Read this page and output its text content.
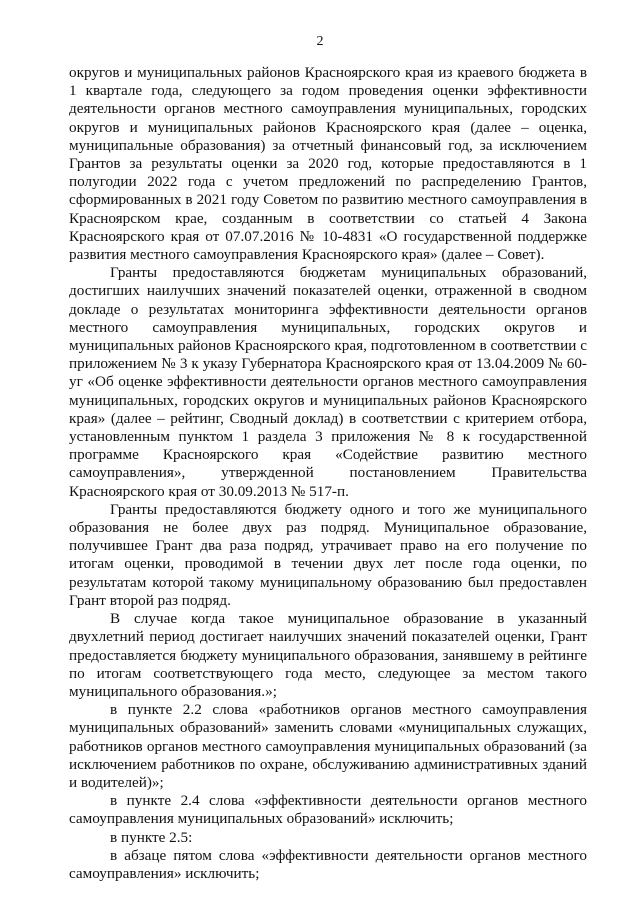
2

округов и муниципальных районов Красноярского края из краевого бюджета в 1 квартале года, следующего за годом проведения оценки эффективности деятельности органов местного самоуправления муниципальных, городских округов и муниципальных районов Красноярского края (далее – оценка, муниципальные образования) за отчетный финансовый год, за исключением Грантов за результаты оценки за 2020 год, которые предоставляются в 1 полугодии 2022 года с учетом предложений по распределению Грантов, сформированных в 2021 году Советом по развитию местного самоуправления в Красноярском крае, созданным в соответствии со статьей 4 Закона Красноярского края от 07.07.2016 № 10-4831 «О государственной поддержке развития местного самоуправления Красноярского края» (далее – Совет).

Гранты предоставляются бюджетам муниципальных образований, достигших наилучших значений показателей оценки, отраженной в сводном докладе о результатах мониторинга эффективности деятельности органов местного самоуправления муниципальных, городских округов и муниципальных районов Красноярского края, подготовленном в соответствии с приложением № 3 к указу Губернатора Красноярского края от 13.04.2009 № 60-уг «Об оценке эффективности деятельности органов местного самоуправления муниципальных, городских округов и муниципальных районов Красноярского края» (далее – рейтинг, Сводный доклад) в соответствии с критерием отбора, установленным пунктом 1 раздела 3 приложения № 8 к государственной программе Красноярского края «Содействие развитию местного самоуправления», утвержденной постановлением Правительства Красноярского края от 30.09.2013 № 517-п.

Гранты предоставляются бюджету одного и того же муниципального образования не более двух раз подряд. Муниципальное образование, получившее Грант два раза подряд, утрачивает право на его получение по итогам оценки, проводимой в течении двух лет после года оценки, по результатам которой такому муниципальному образованию был предоставлен Грант второй раз подряд.

В случае когда такое муниципальное образование в указанный двухлетний период достигает наилучших значений показателей оценки, Грант предоставляется бюджету муниципального образования, занявшему в рейтинге по итогам соответствующего года место, следующее за местом такого муниципального образования.»;

в пункте 2.2 слова «работников органов местного самоуправления муниципальных образований» заменить словами «муниципальных служащих, работников органов местного самоуправления муниципальных образований (за исключением работников по охране, обслуживанию административных зданий и водителей)»;

в пункте 2.4 слова «эффективности деятельности органов местного самоуправления муниципальных образований» исключить;

в пункте 2.5:

в абзаце пятом слова «эффективности деятельности органов местного самоуправления» исключить;
